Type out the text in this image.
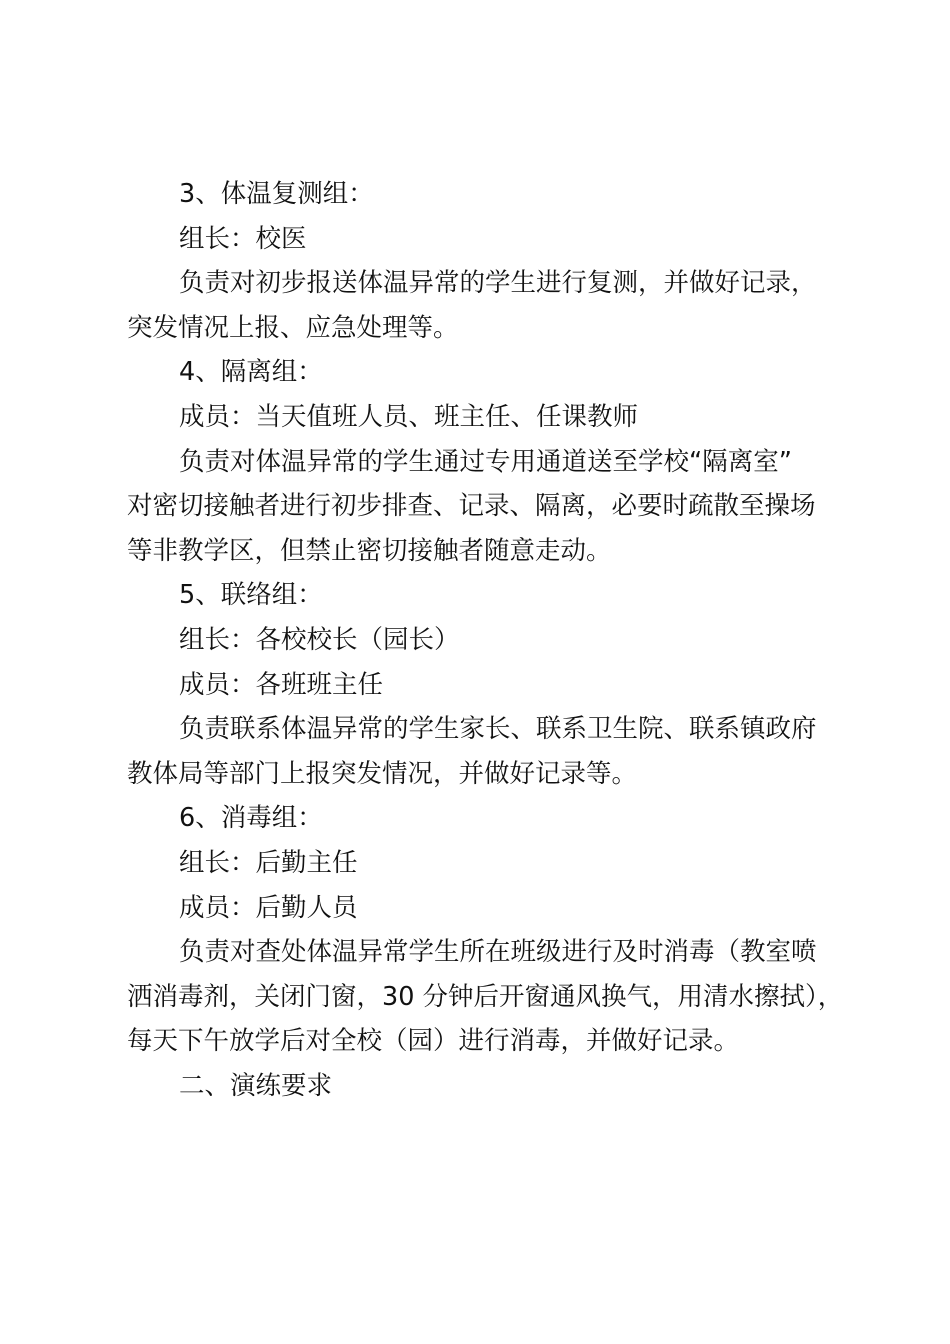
3、体温复测组：
组长：校医
负责对初步报送体温异常的学生进行复测，并做好记录，
突发情况上报、应急处理等。
4、隔离组：
成员：当天值班人员、班主任、任课教师
负责对体温异常的学生通过专用通道送至学校“隔离室”
对密切接触者进行初步排查、记录、隔离，必要时疏散至操场
等非教学区，但禁止密切接触者随意走动。
5、联络组：
组长：各校校长（园长）
成员：各班班主任
负责联系体温异常的学生家长、联系卫生院、联系镇政府
教体局等部门上报突发情况，并做好记录等。
6、消毒组：
组长：后勤主任
成员：后勤人员
负责对查处体温异常学生所在班级进行及时消毒（教室喷
洒消毒剂，关闭门窗，30 分钟后开窗通风换气，用清水擦拭），
每天下午放学后对全校（园）进行消毒，并做好记录。
二、演练要求
